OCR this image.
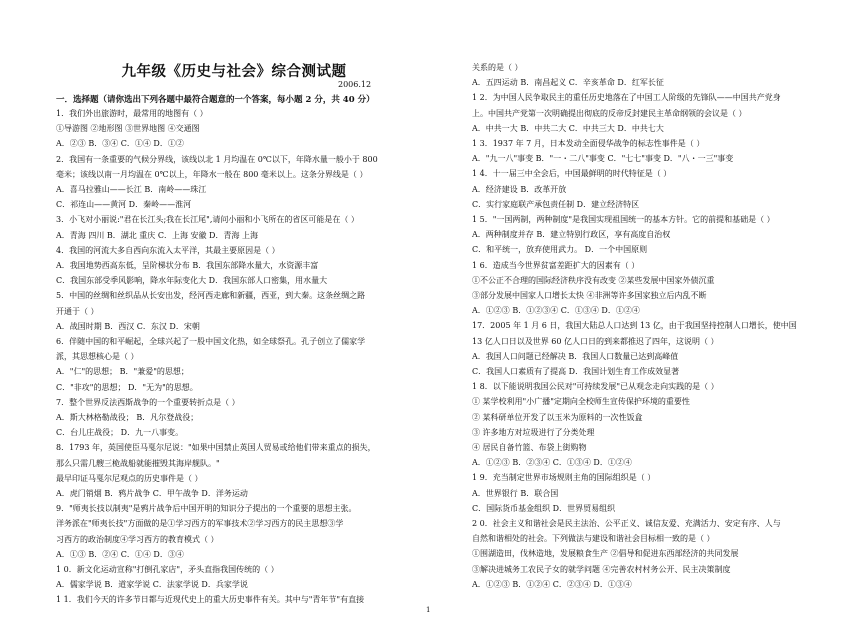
九年级《历史与社会》综合测试题
2006.12
一．选择题（请你选出下列各题中最符合题意的一个答案，每小题 2 分，共 40 分）
1．我们外出旅游时，最常用的地图有（ ）
①导游图 ②地形图 ③世界地图 ④交通图
A．②③ B．③④ C．①④ D．①②
2．我国有一条重要的气候分界线，该线以北 1 月均温在 0℃以下，年降水量一般小于 800
毫米；该线以南一月均温在 0℃以上，年降水一般在 800 毫米以上。这条分界线是（ ）
A．喜马拉雅山——长江 B．南岭——珠江
C．祁连山——黄河 D．秦岭——淮河
3．小飞对小丽说:"君在长江头;我在长江尾",请问小丽和小飞所在的省区可能是在（ ）
A．青海 四川 B．湖北 重庆 C．上海 安徽 D．青海 上海
4．我国的河流大多自西向东流入太平洋，其最主要原因是（ ）
A．我国地势西高东低，呈阶梯状分布 B．我国东部降水量大，水资源丰富
C．我国东部受季风影响，降水年际变化大 D．我国东部人口密集，用水量大
5．中国的丝绸和丝织品从长安出发，经河西走廊和新疆，西亚，到大秦。这条丝绸之路
开通于（ ）
A．战国时期 B．西汉 C．东汉 D．宋朝
6．伴随中国的和平崛起，全球兴起了一股中国文化热，如全球祭孔。孔子创立了儒家学
派，其思想核心是（ ）
A．"仁"的思想； B．"兼爱"的思想；
C．"非攻"的思想； D．"无为"的思想。
7．整个世界反法西斯战争的一个重要转折点是（ ）
A．斯大林格勒战役； B．凡尔登战役；
C．台儿庄战役； D．九一八事变。
8．1793 年，英国使臣马戛尔尼说："如果中国禁止英国人贸易或给他们带来重点的损失，
那么只需几艘三桅战船就能摧毁其海岸舰队。"
最早印证马戛尔尼观点的历史事件是（ ）
A．虎门销烟 B．鸦片战争 C．甲午战争 D．洋务运动
9．"师夷长技以制夷"是鸦片战争后中国开明的知识分子提出的一个重要的思想主张。
洋务派在"师夷长技"方面做的是①学习西方的军事技术②学习西方的民主思想③学
习西方的政治制度④学习西方的教育模式（ ）
A．①③ B．②④ C．①④ D．③④
1 0．新文化运动宣称"打倒孔家店"，矛头直指我国传统的（ ）
A．儒家学说 B．道家学说 C．法家学说 D．兵家学说
1 1．我们今天的许多节日都与近现代史上的重大历史事件有关。其中与"青年节"有直接
关系的是（ ）
A．五四运动 B．南昌起义 C．辛亥革命 D．红军长征
1 2．为中国人民争取民主的重任历史地落在了中国工人阶级的先锋队——中国共产党身
上。中国共产党第一次明确提出彻底的反帝反封建民主革命纲领的会议是（ ）
A．中共一大 B．中共二大 C．中共三大 D．中共七大
1 3．1937 年 7 月，日本发动全面侵华战争的标志性事件是（ ）
A．"九一八"事变 B．"一・二八"事变 C．"七七"事变 D．"八・一三"事变
1 4．十一届三中全会后，中国最鲜明的时代特征是（ ）
A．经济建设 B．改革开放
C．实行家庭联产承包责任制 D．建立经济特区
1 5．"一国两制，两种制度"是我国实现祖国统一的基本方针。它的前提和基础是（ ）
A．两种制度并存 B．建立特别行政区，享有高度自治权
C．和平统一，放弃使用武力。 D．一个中国原则
1 6．造成当今世界贫富差距扩大的因素有（ ）
①不公正不合理的国际经济秩序没有改变 ②某些发展中国家外债沉重
③部分发展中国家人口增长太快 ④非洲等许多国家独立后内乱不断
A．①②③ B．①②③④ C．①③④ D．①②④
17．2005 年 1 月 6 日，我国大陆总人口达到 13 亿，由于我国坚持控制人口增长，使中国
13 亿人口日以及世界 60 亿人口日的到来都推迟了四年，这说明（ ）
A．我国人口问题已经解决 B．我国人口数量已达到高峰值
C．我国人口素质有了提高 D．我国计划生育工作成效显著
1 8．以下能说明我国公民对"可持续发展"已从观念走向实践的是（ ）
① 某学校利用"小广播"定期向全校师生宣传保护环境的重要性
② 某科研单位开发了以玉米为原料的一次性饭盒
③ 许多地方对垃圾进行了分类处理
④ 居民自备竹篮、布袋上街购物
A．①②③ B．②③④ C．①③④ D．①②④
1 9．充当制定世界市场规则主角的国际组织是（ ）
A．世界银行 B．联合国
C．国际货币基金组织 D．世界贸易组织
2 0．社会主义和谐社会是民主法治、公平正义、诚信友爱、充满活力、安定有序、人与
自然和谐相处的社会。下列做法与建设和谐社会目标相一致的是（ ）
①围湖造田，伐林造地，发展粮食生产 ②倡导和促进东西部经济的共同发展
③解决进城务工农民子女的就学问题 ④完善农村村务公开、民主决策制度
A．①②③ B．①②④ C．②③④ D．①③④
1
